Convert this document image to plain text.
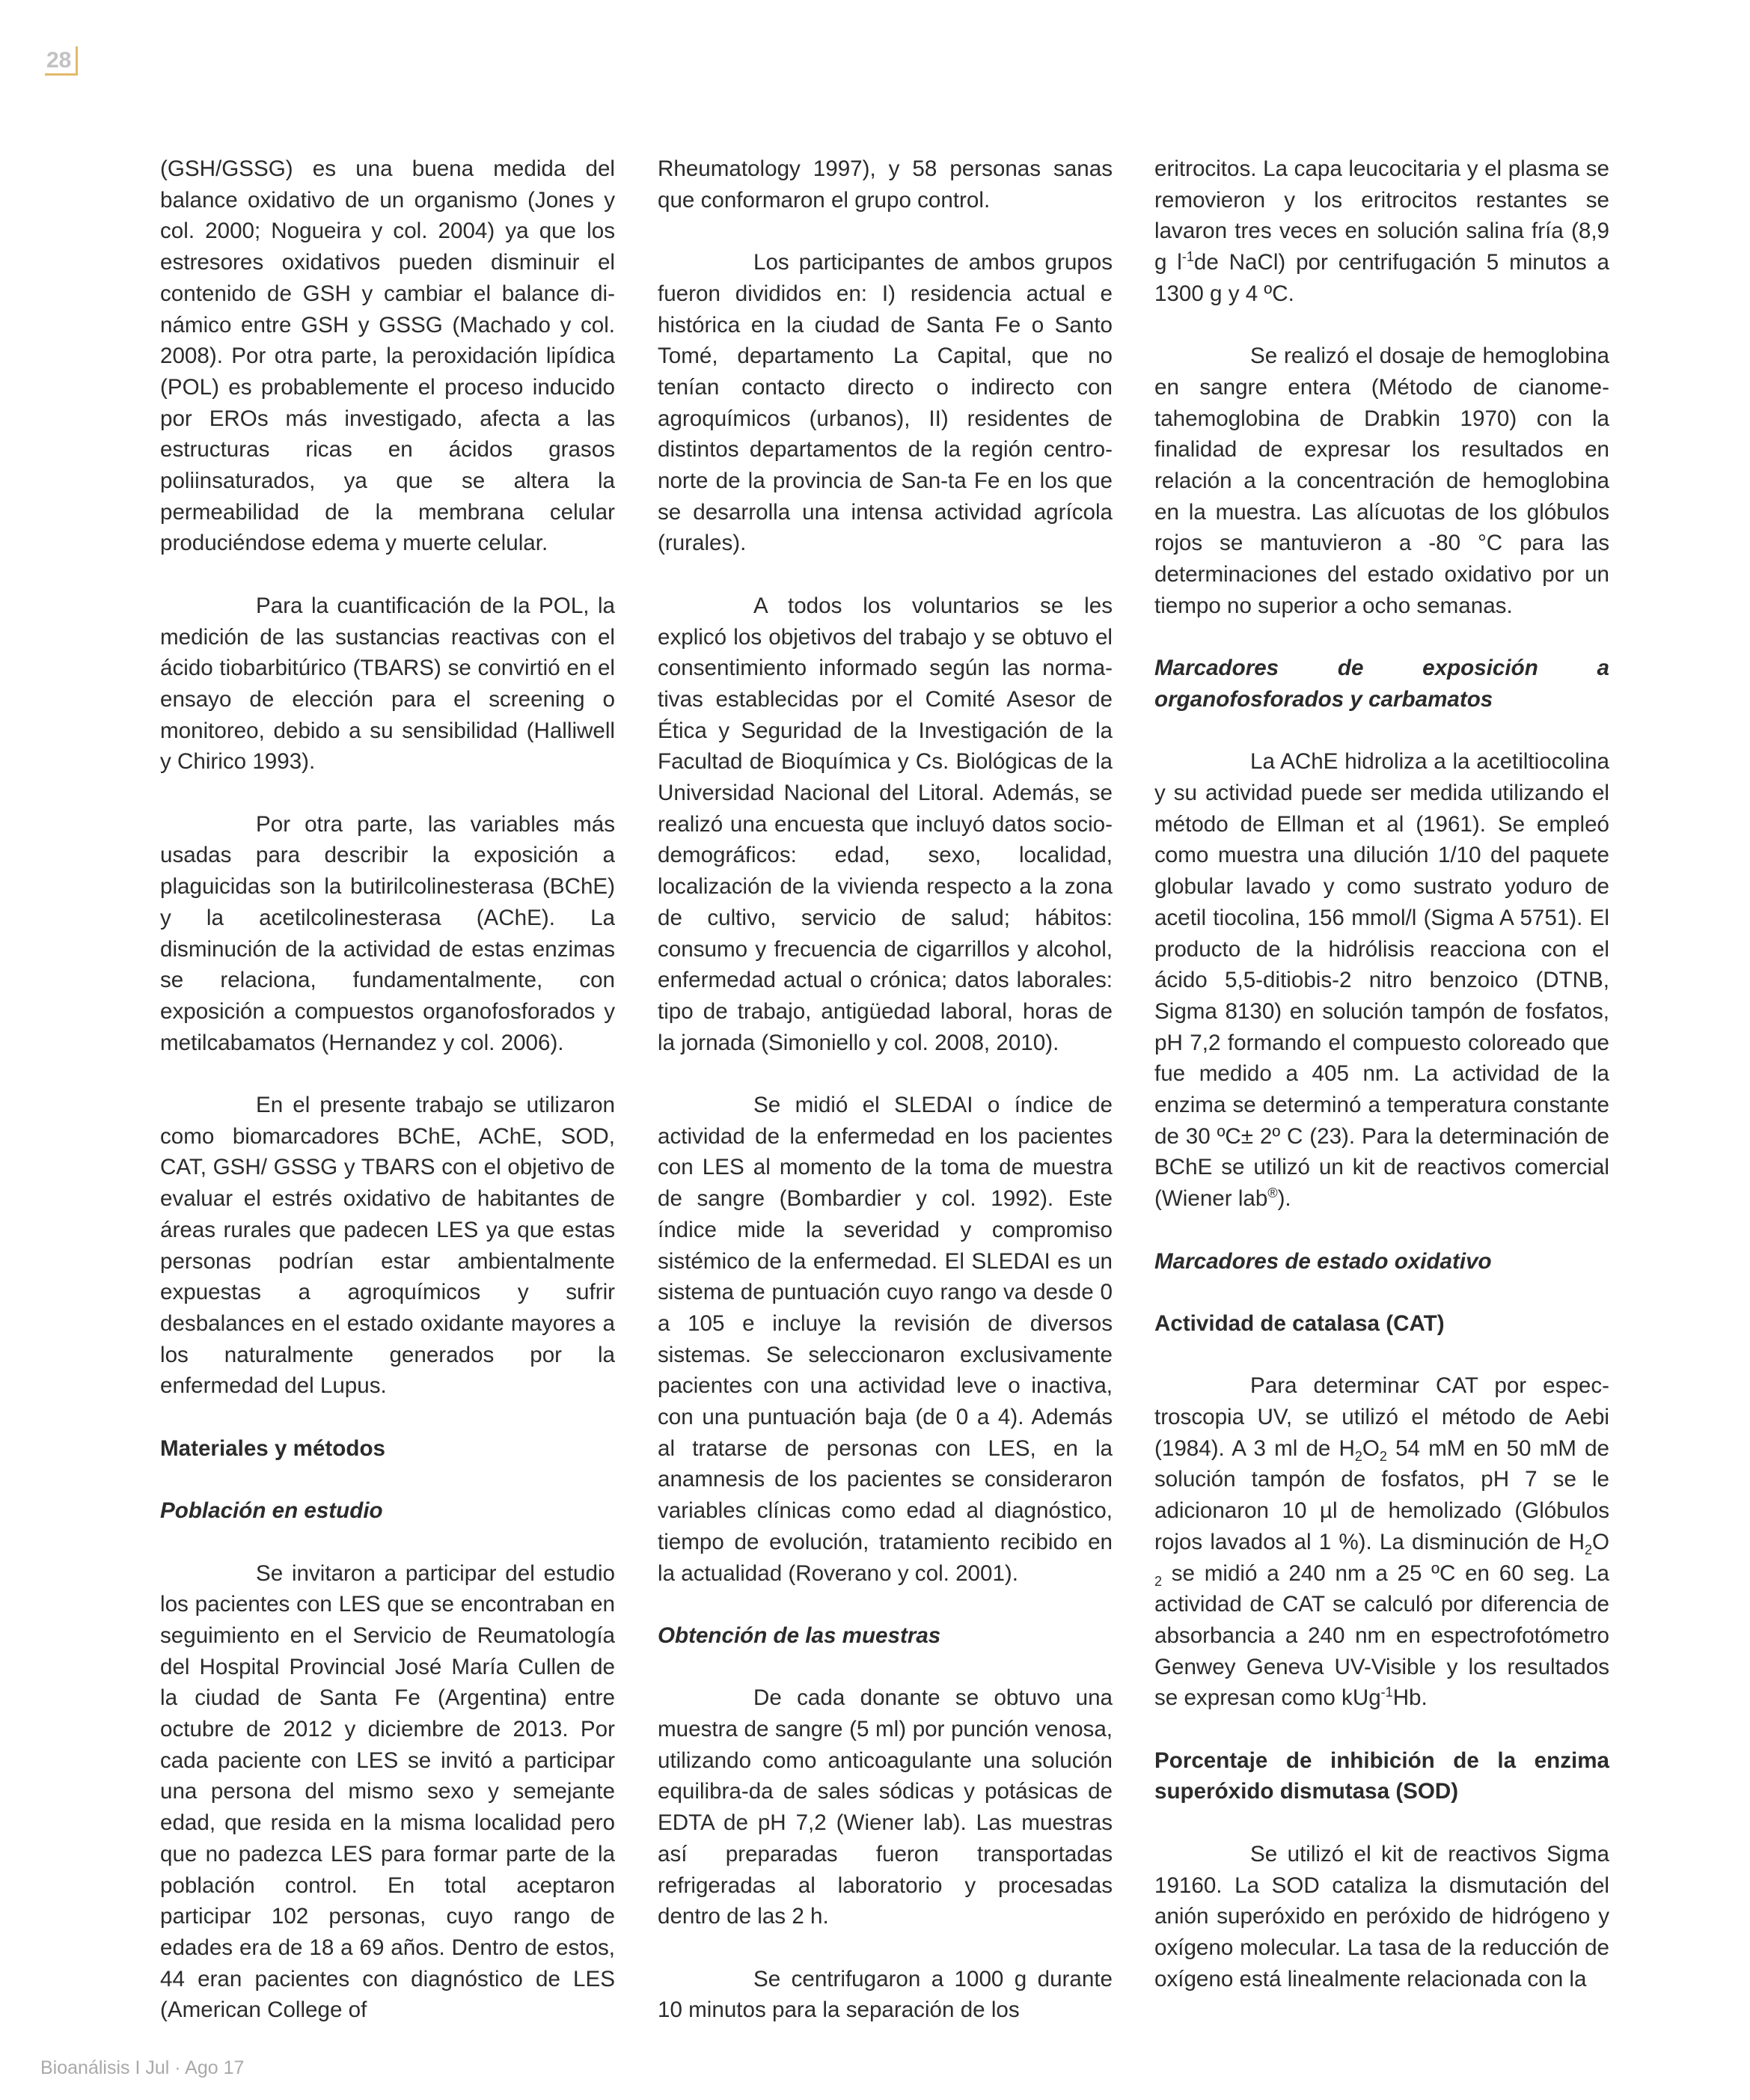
28

(GSH/GSSG) es una buena medida del balance oxidativo de un organismo (Jones y col. 2000; Nogueira y col. 2004) ya que los estresores oxidativos pueden disminuir el contenido de GSH y cambiar el balance dinámico entre GSH y GSSG (Machado y col. 2008). Por otra parte, la peroxidación lipídica (POL) es probablemente el proceso inducido por EROs más investigado, afecta a las estructuras ricas en ácidos grasos poliinsaturados, ya que se altera la permeabilidad de la membrana celular produciéndose edema y muerte celular.

Para la cuantificación de la POL, la medición de las sustancias reactivas con el ácido tiobarbitúrico (TBARS) se convirtió en el ensayo de elección para el screening o monitoreo, debido a su sensibilidad (Halliwell y Chirico 1993).

Por otra parte, las variables más usadas para describir la exposición a plaguicidas son la butirilcolinesterasa (BChE) y la acetilcolinesterasa (AChE). La disminución de la actividad de estas enzimas se relaciona, fundamentalmente, con exposición a compuestos organofosforados y metilcabamatos (Hernandez y col. 2006).

En el presente trabajo se utilizaron como biomarcadores BChE, AChE, SOD, CAT, GSH/ GSSG y TBARS con el objetivo de evaluar el estrés oxidativo de habitantes de áreas rurales que padecen LES ya que estas personas podrían estar ambientalmente expuestas a agroquímicos y sufrir desbalances en el estado oxidante mayores a los naturalmente generados por la enfermedad del Lupus.

Materiales y métodos
Población en estudio

Se invitaron a participar del estudio los pacientes con LES que se encontraban en seguimiento en el Servicio de Reumatología del Hospital Provincial José María Cullen de la ciudad de Santa Fe (Argentina) entre octubre de 2012 y diciembre de 2013. Por cada paciente con LES se invitó a participar una persona del mismo sexo y semejante edad, que resida en la misma localidad pero que no padezca LES para formar parte de la población control. En total aceptaron participar 102 personas, cuyo rango de edades era de 18 a 69 años. Dentro de estos, 44 eran pacientes con diagnóstico de LES (American College of

Rheumatology 1997), y 58 personas sanas que conformaron el grupo control.

Los participantes de ambos grupos fueron divididos en: I) residencia actual e histórica en la ciudad de Santa Fe o Santo Tomé, departamento La Capital, que no tenían contacto directo o indirecto con agroquímicos (urbanos), II) residentes de distintos departamentos de la región centronorte de la provincia de San-ta Fe en los que se desarrolla una intensa actividad agrícola (rurales).

A todos los voluntarios se les explicó los objetivos del trabajo y se obtuvo el consentimiento informado según las normativas establecidas por el Comité Asesor de Ética y Seguridad de la Investigación de la Facultad de Bioquímica y Cs. Biológicas de la Universidad Nacional del Litoral. Además, se realizó una encuesta que incluyó datos sociodemográficos: edad, sexo, localidad, localización de la vivienda respecto a la zona de cultivo, servicio de salud; hábitos: consumo y frecuencia de cigarrillos y alcohol, enfermedad actual o crónica; datos laborales: tipo de trabajo, antigüedad laboral, horas de la jornada (Simoniello y col. 2008, 2010).

Se midió el SLEDAI o índice de actividad de la enfermedad en los pacientes con LES al momento de la toma de muestra de sangre (Bombardier y col. 1992). Este índice mide la severidad y compromiso sistémico de la enfermedad. El SLEDAI es un sistema de puntuación cuyo rango va desde 0 a 105 e incluye la revisión de diversos sistemas. Se seleccionaron exclusivamente pacientes con una actividad leve o inactiva, con una puntuación baja (de 0 a 4). Además al tratarse de personas con LES, en la anamnesis de los pacientes se consideraron variables clínicas como edad al diagnóstico, tiempo de evolución, tratamiento recibido en la actualidad (Roverano y col. 2001).

Obtención de las muestras

De cada donante se obtuvo una muestra de sangre (5 ml) por punción venosa, utilizando como anticoagulante una solución equilibra-da de sales sódicas y potásicas de EDTA de pH 7,2 (Wiener lab). Las muestras así preparadas fueron transportadas refrigeradas al laboratorio y procesadas dentro de las 2 h.

Se centrifugaron a 1000 g durante 10 minutos para la separación de los

eritrocitos. La capa leucocitaria y el plasma se removieron y los eritrocitos restantes se lavaron tres veces en solución salina fría (8,9 g $l^{-1}de$ NaCl) por centrifugación 5 minutos a 1300 g y 4 ºC.

Se realizó el dosaje de hemoglobina en sangre entera (Método de cianometahemoglobina de Drabkin 1970) con la finalidad de expresar los resultados en relación a la concentración de hemoglobina en la muestra. Las alícuotas de los glóbulos rojos se mantuvieron a -80 °C para las determinaciones del estado oxidativo por un tiempo no superior a ocho semanas.

Marcadores de exposición a organofosforados y carbamatos

La AChE hidroliza a la acetiltiocolina y su actividad puede ser medida utilizando el método de Ellman et al (1961). Se empleó como muestra una dilución 1/10 del paquete globular lavado y como sustrato yoduro de acetil tiocolina, 156 mmol/l (Sigma A 5751). El producto de la hidrólisis reacciona con el ácido 5,5-ditiobis-2 nitro benzoico (DTNB, Sigma 8130) en solución tampón de fosfatos, pH 7,2 formando el compuesto coloreado que fue medido a 405 nm. La actividad de la enzima se determinó a temperatura constante de 30 ºC± 2º C (23). Para la determinación de BChE se utilizó un kit de reactivos comercial (Wiener lab®).

Marcadores de estado oxidativo
Actividad de catalasa (CAT)

Para determinar CAT por espectroscopia UV, se utilizó el método de Aebi (1984). A 3 ml de $H_2O_2$ 54 mM en 50 mM de solución tampón de fosfatos, pH 7 se le adicionaron 10 µl de hemolizado (Glóbulos rojos lavados al 1 %). La disminución de $H_2O$ $_2$ se midió a 240 nm a 25 ºC en 60 seg. La actividad de CAT se calculó por diferencia de absorbancia a 240 nm en espectrofotómetro Genwey Geneva UV-Visible y los resultados se expresan como kUg$^{-1}$Hb.

Porcentaje de inhibición de la enzima superóxido dismutasa (SOD)

Se utilizó el kit de reactivos Sigma 19160. La SOD cataliza la dismutación del anión superóxido en peróxido de hidrógeno y oxígeno molecular. La tasa de la reducción de oxígeno está linealmente relacionada con la

Bioanálisis I Jul · Ago 17
